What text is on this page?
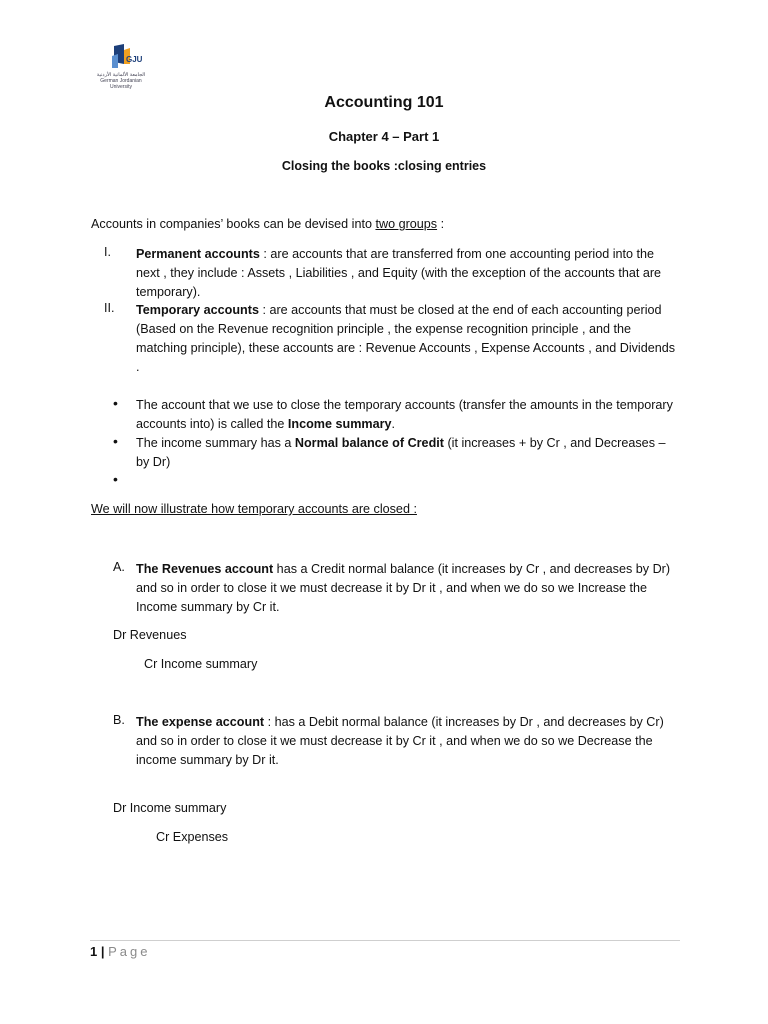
GJU
الجامعة الألمانية الأردنية
German Jordanian University
Accounting 101
Chapter 4 – Part 1
Closing the books :closing entries
Accounts in companies’ books can be devised into two groups :
I.	Permanent accounts : are accounts that are transferred from one accounting period into the next , they include : Assets , Liabilities , and Equity (with the exception of the accounts that are temporary).
II.	Temporary accounts : are accounts that must be closed at the end of each accounting period (Based on the Revenue recognition principle , the expense recognition principle , and the matching principle), these accounts are : Revenue Accounts , Expense Accounts , and Dividends .
• The account that we use to close the temporary accounts (transfer the amounts in the temporary accounts into) is called the Income summary.
• The income summary has a Normal balance of Credit (it increases + by Cr , and Decreases – by Dr)
•
We will now illustrate how temporary accounts are closed :
A. The Revenues account has a Credit normal balance (it increases by Cr , and decreases by Dr) and so in order to close it we must decrease it by Dr it , and when we do so we Increase the Income summary by Cr it.
Dr Revenues
Cr Income summary
B. The expense account : has a Debit normal balance (it increases by Dr , and decreases by Cr) and so in order to close it we must decrease it by Cr it , and when we do so we Decrease the income summary by Dr it.
Dr Income summary
Cr Expenses
1 | Page
